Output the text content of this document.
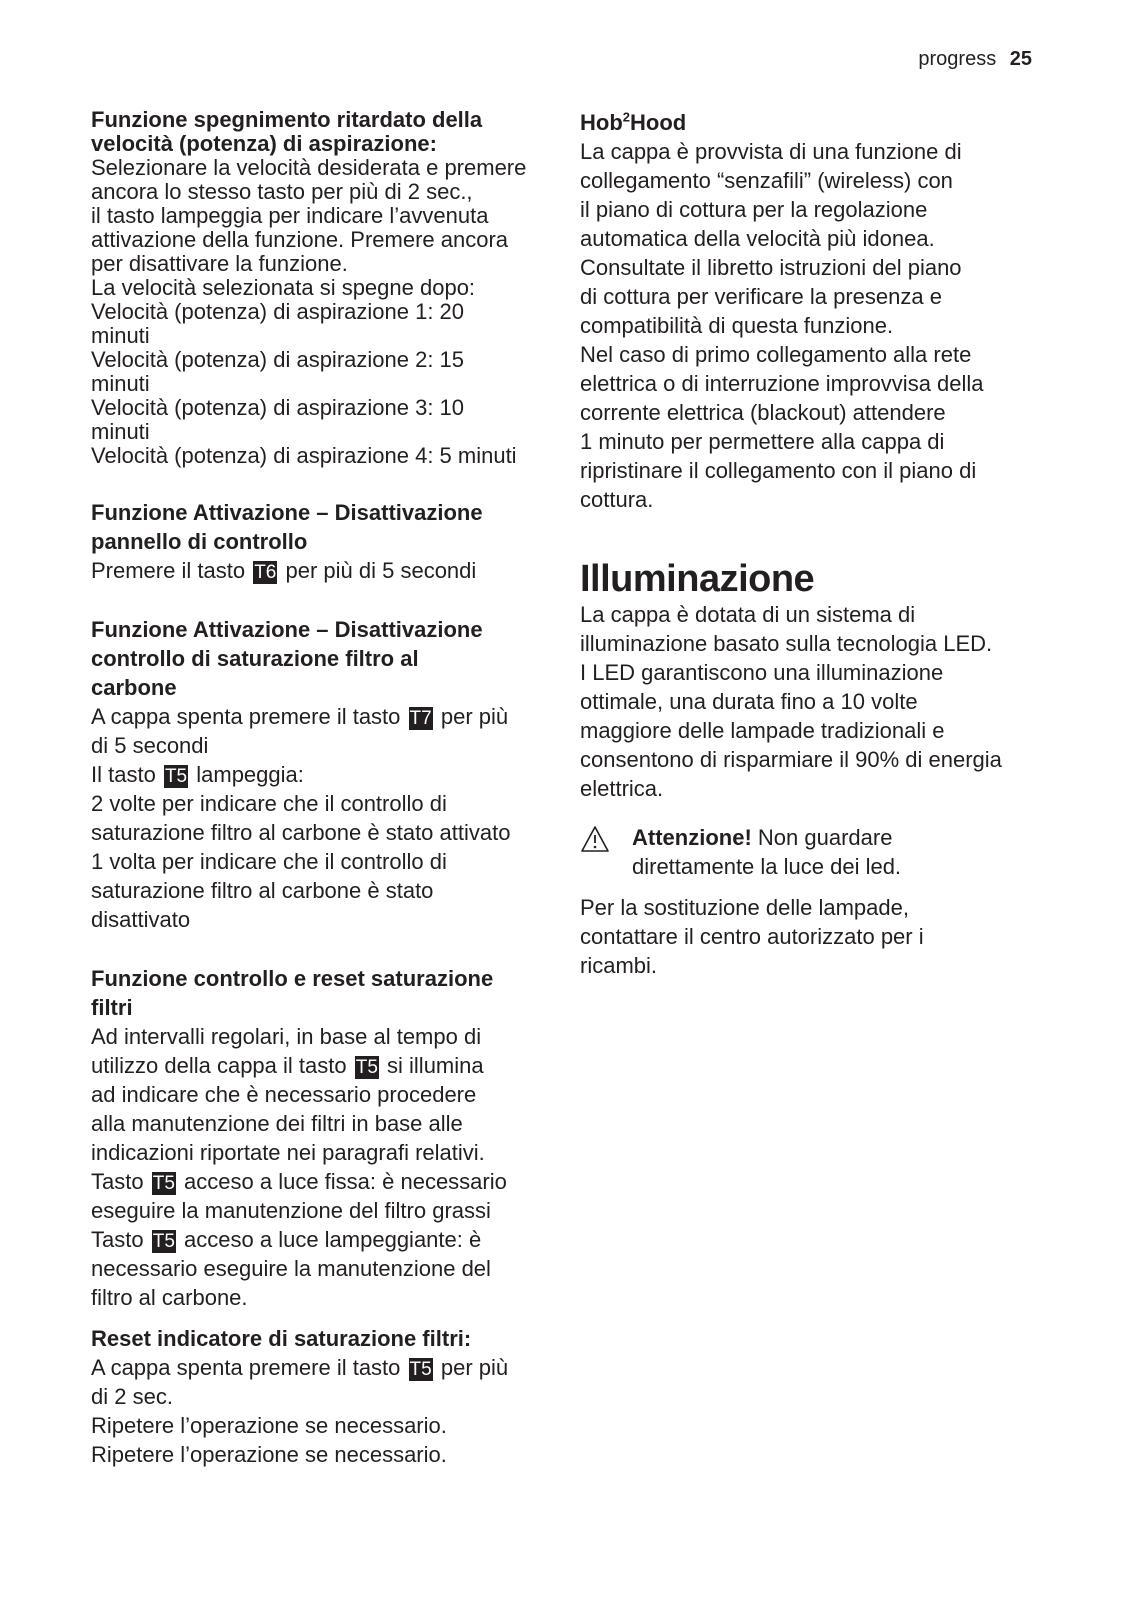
progress 25

Funzione spegnimento ritardato della

velocità (potenza) di aspirazione:

Selezionare la velocità desiderata e premere

ancora lo stesso tasto per più di 2 sec.,

il tasto lampeggia per indicare l’avvenuta

attivazione della funzione. Premere ancora

per disattivare la funzione.

La velocità selezionata si spegne dopo:

Velocità (potenza) di aspirazione 1: 20

minuti

Velocità (potenza) di aspirazione 2: 15

minuti

Velocità (potenza) di aspirazione 3: 10

minuti

Velocità (potenza) di aspirazione 4: 5 minuti

Funzione Attivazione – Disattivazione

pannello di controllo

Premere il tasto T6 per più di 5 secondi

Funzione Attivazione – Disattivazione

controllo di saturazione filtro al

carbone

A cappa spenta premere il tasto T7 per più

di 5 secondi

Il tasto T5 lampeggia:

2 volte per indicare che il controllo di

saturazione filtro al carbone è stato attivato

1 volta per indicare che il controllo di

saturazione filtro al carbone è stato

disattivato

Funzione controllo e reset saturazione

filtri

Ad intervalli regolari, in base al tempo di

utilizzo della cappa il tasto T5 si illumina

ad indicare che è necessario procedere

alla manutenzione dei filtri in base alle

indicazioni riportate nei paragrafi relativi.

Tasto T5 acceso a luce fissa: è necessario

eseguire la manutenzione del filtro grassi

Tasto T5 acceso a luce lampeggiante: è

necessario eseguire la manutenzione del

filtro al carbone.

Reset indicatore di saturazione filtri:

A cappa spenta premere il tasto T5 per più

di 2 sec.

Ripetere l’operazione se necessario.

Ripetere l’operazione se necessario.

Hob$^2$Hood

La cappa è provvista di una funzione di

collegamento “senzafili” (wireless) con

il piano di cottura per la regolazione

automatica della velocità più idonea.

Consultate il libretto istruzioni del piano

di cottura per verificare la presenza e

compatibilità di questa funzione.

Nel caso di primo collegamento alla rete

elettrica o di interruzione improvvisa della

corrente elettrica (blackout) attendere

1 minuto per permettere alla cappa di

ripristinare il collegamento con il piano di

cottura.

Illuminazione

La cappa è dotata di un sistema di

illuminazione basato sulla tecnologia LED.

I LED garantiscono una illuminazione

ottimale, una durata fino a 10 volte

maggiore delle lampade tradizionali e

consentono di risparmiare il 90% di energia

elettrica.

Attenzione! Non guardare

direttamente la luce dei led.

Per la sostituzione delle lampade,

contattare il centro autorizzato per i

ricambi.
